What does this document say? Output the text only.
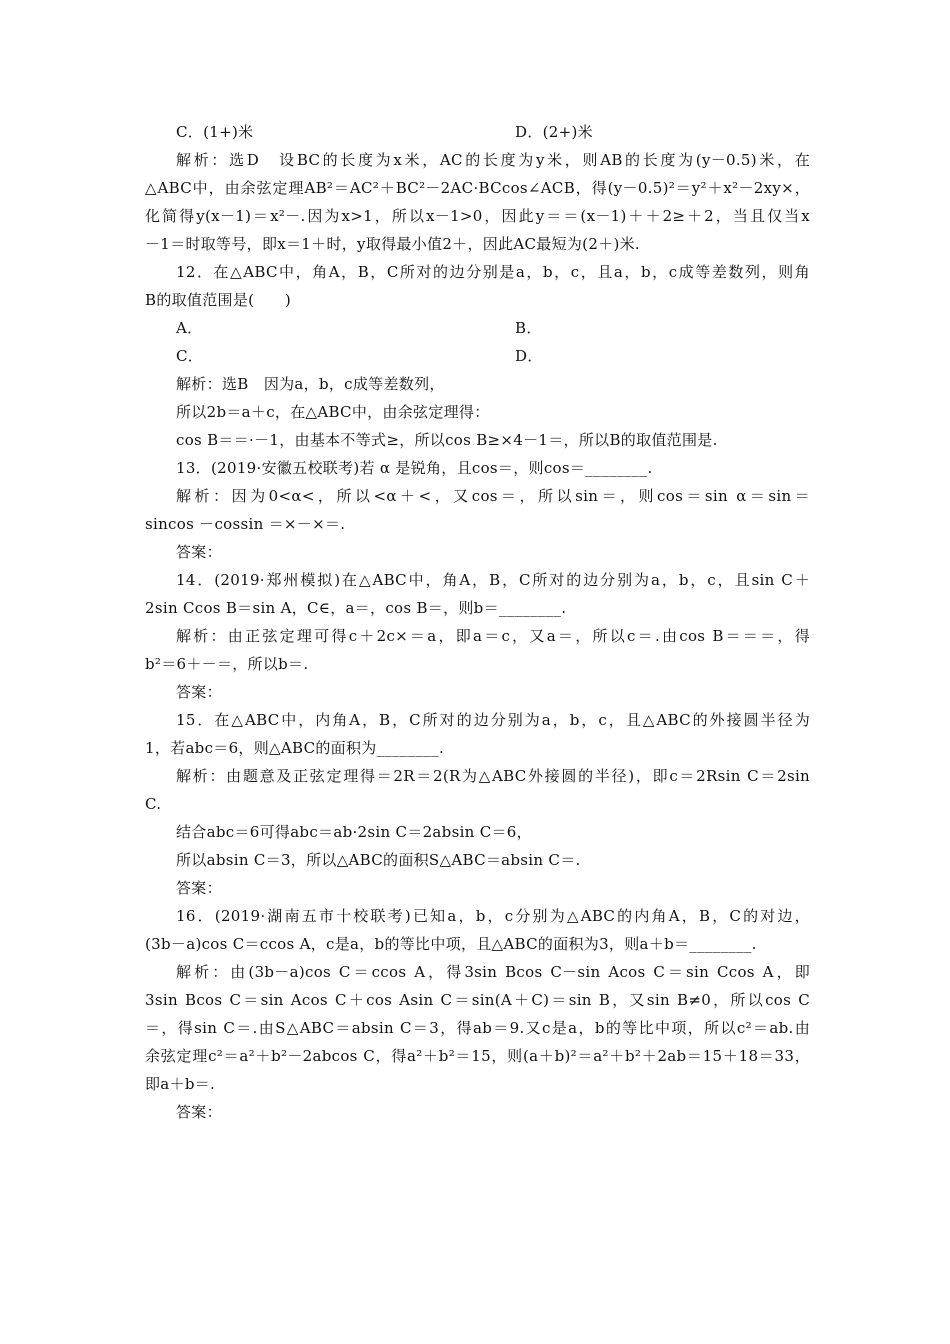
C．(1+)米	D．(2+)米
解析：选D　设BC的长度为x米，AC的长度为y米，则AB的长度为(y－0.5)米，在
△ABC中，由余弦定理AB²＝AC²＋BC²－2AC·BCcos∠ACB，得(y－0.5)²＝y²＋x²－2xy×，
化简得y(x－1)＝x²－.因为x>1，所以x－1>0，因此y＝＝(x－1)＋＋2≥＋2，当且仅当x
－1＝时取等号，即x＝1＋时，y取得最小值2＋，因此AC最短为(2＋)米.
12．在△ABC中，角A，B，C所对的边分别是a，b，c，且a，b，c成等差数列，则角
B的取值范围是(　　)
A．	B．
C．	D．
解析：选B　因为a，b，c成等差数列，
所以2b＝a＋c，在△ABC中，由余弦定理得：
cos B＝＝·－1，由基本不等式≥，所以cos B≥×4－1＝，所以B的取值范围是.
13．(2019·安徽五校联考)若 α 是锐角，且cos＝，则cos＝________.
解析：因为0<α<，所以<α＋<，又cos＝，所以sin＝，则cos＝sin α＝sin＝
sincos －cossin ＝×－×＝.
答案：
14．(2019·郑州模拟)在△ABC中，角A，B，C所对的边分别为a，b，c，且sin C＋
2sin Ccos B＝sin A，C∈，a＝，cos B＝，则b＝________.
解析：由正弦定理可得c＋2c×＝a，即a＝c，又a＝，所以c＝.由cos B＝＝＝，得
b²＝6＋－＝，所以b＝.
答案：
15．在△ABC中，内角A，B，C所对的边分别为a，b，c，且△ABC的外接圆半径为
1，若abc＝6，则△ABC的面积为________.
解析：由题意及正弦定理得＝2R＝2(R为△ABC外接圆的半径)，即c＝2Rsin C＝2sin
C.
结合abc＝6可得abc＝ab·2sin C＝2absin C＝6，
所以absin C＝3，所以△ABC的面积S△ABC＝absin C＝.
答案：
16．(2019·湖南五市十校联考)已知a，b，c分别为△ABC的内角A，B，C的对边，
(3b－a)cos C＝ccos A，c是a，b的等比中项，且△ABC的面积为3，则a＋b＝________.
解析：由(3b－a)cos C＝ccos A，得3sin Bcos C－sin Acos C＝sin Ccos A，即
3sin Bcos C＝sin Acos C＋cos Asin C＝sin(A＋C)＝sin B，又sin B≠0，所以cos C
＝，得sin C＝.由S△ABC＝absin C＝3，得ab＝9.又c是a，b的等比中项，所以c²＝ab.由
余弦定理c²＝a²＋b²－2abcos C，得a²＋b²＝15，则(a＋b)²＝a²＋b²＋2ab＝15＋18＝33，
即a＋b＝.
答案：
